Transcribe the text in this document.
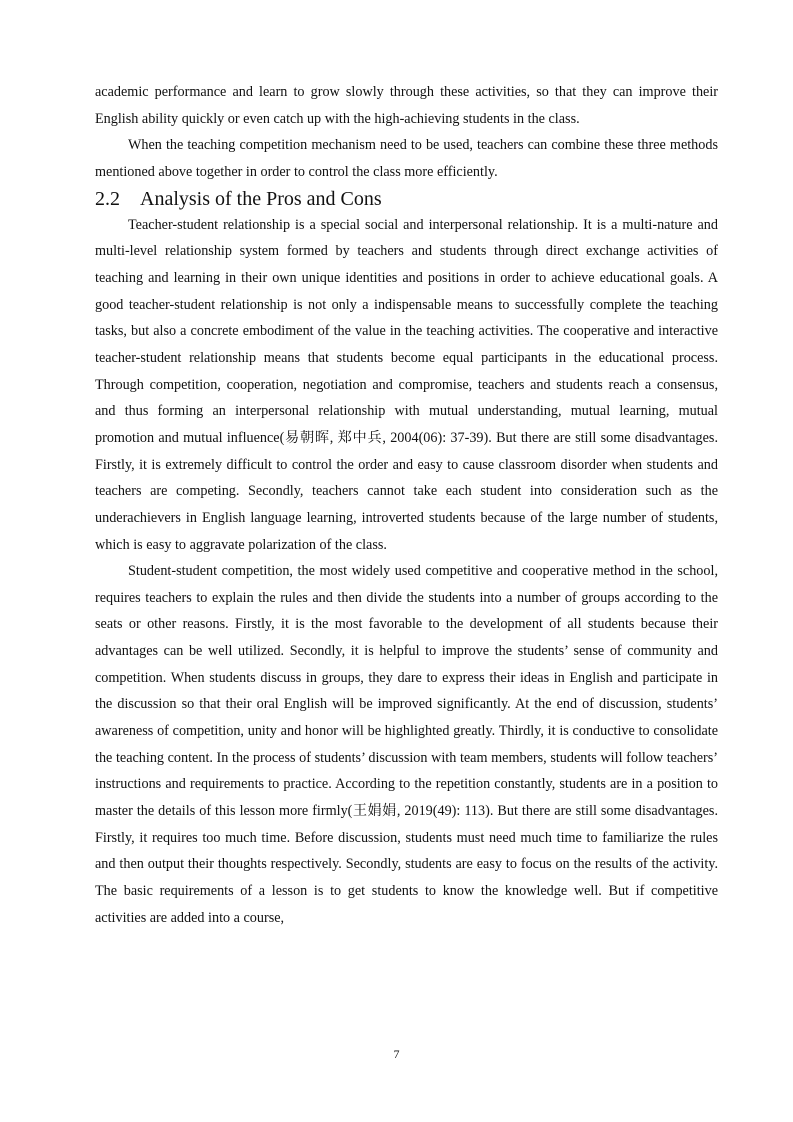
academic performance and learn to grow slowly through these activities, so that they can improve their English ability quickly or even catch up with the high-achieving students in the class.

When the teaching competition mechanism need to be used, teachers can combine these three methods mentioned above together in order to control the class more efficiently.

2.2	Analysis of the Pros and Cons

Teacher-student relationship is a special social and interpersonal relationship. It is a multi-nature and multi-level relationship system formed by teachers and students through direct exchange activities of teaching and learning in their own unique identities and positions in order to achieve educational goals. A good teacher-student relationship is not only a indispensable means to successfully complete the teaching tasks, but also a concrete embodiment of the value in the teaching activities. The cooperative and interactive teacher-student relationship means that students become equal participants in the educational process. Through competition, cooperation, negotiation and compromise, teachers and students reach a consensus, and thus forming an interpersonal relationship with mutual understanding, mutual learning, mutual promotion and mutual influence(易朝晖, 郑中兵, 2004(06): 37-39). But there are still some disadvantages. Firstly, it is extremely difficult to control the order and easy to cause classroom disorder when students and teachers are competing. Secondly, teachers cannot take each student into consideration such as the underachievers in English language learning, introverted students because of the large number of students, which is easy to aggravate polarization of the class.

Student-student competition, the most widely used competitive and cooperative method in the school, requires teachers to explain the rules and then divide the students into a number of groups according to the seats or other reasons. Firstly, it is the most favorable to the development of all students because their advantages can be well utilized. Secondly, it is helpful to improve the students’ sense of community and competition. When students discuss in groups, they dare to express their ideas in English and participate in the discussion so that their oral English will be improved significantly. At the end of discussion, students’ awareness of competition, unity and honor will be highlighted greatly. Thirdly, it is conductive to consolidate the teaching content. In the process of students’ discussion with team members, students will follow teachers’ instructions and requirements to practice. According to the repetition constantly, students are in a position to master the details of this lesson more firmly(王娟娟, 2019(49): 113). But there are still some disadvantages. Firstly, it requires too much time. Before discussion, students must need much time to familiarize the rules and then output their thoughts respectively. Secondly, students are easy to focus on the results of the activity. The basic requirements of a lesson is to get students to know the knowledge well. But if competitive activities are added into a course,

7
